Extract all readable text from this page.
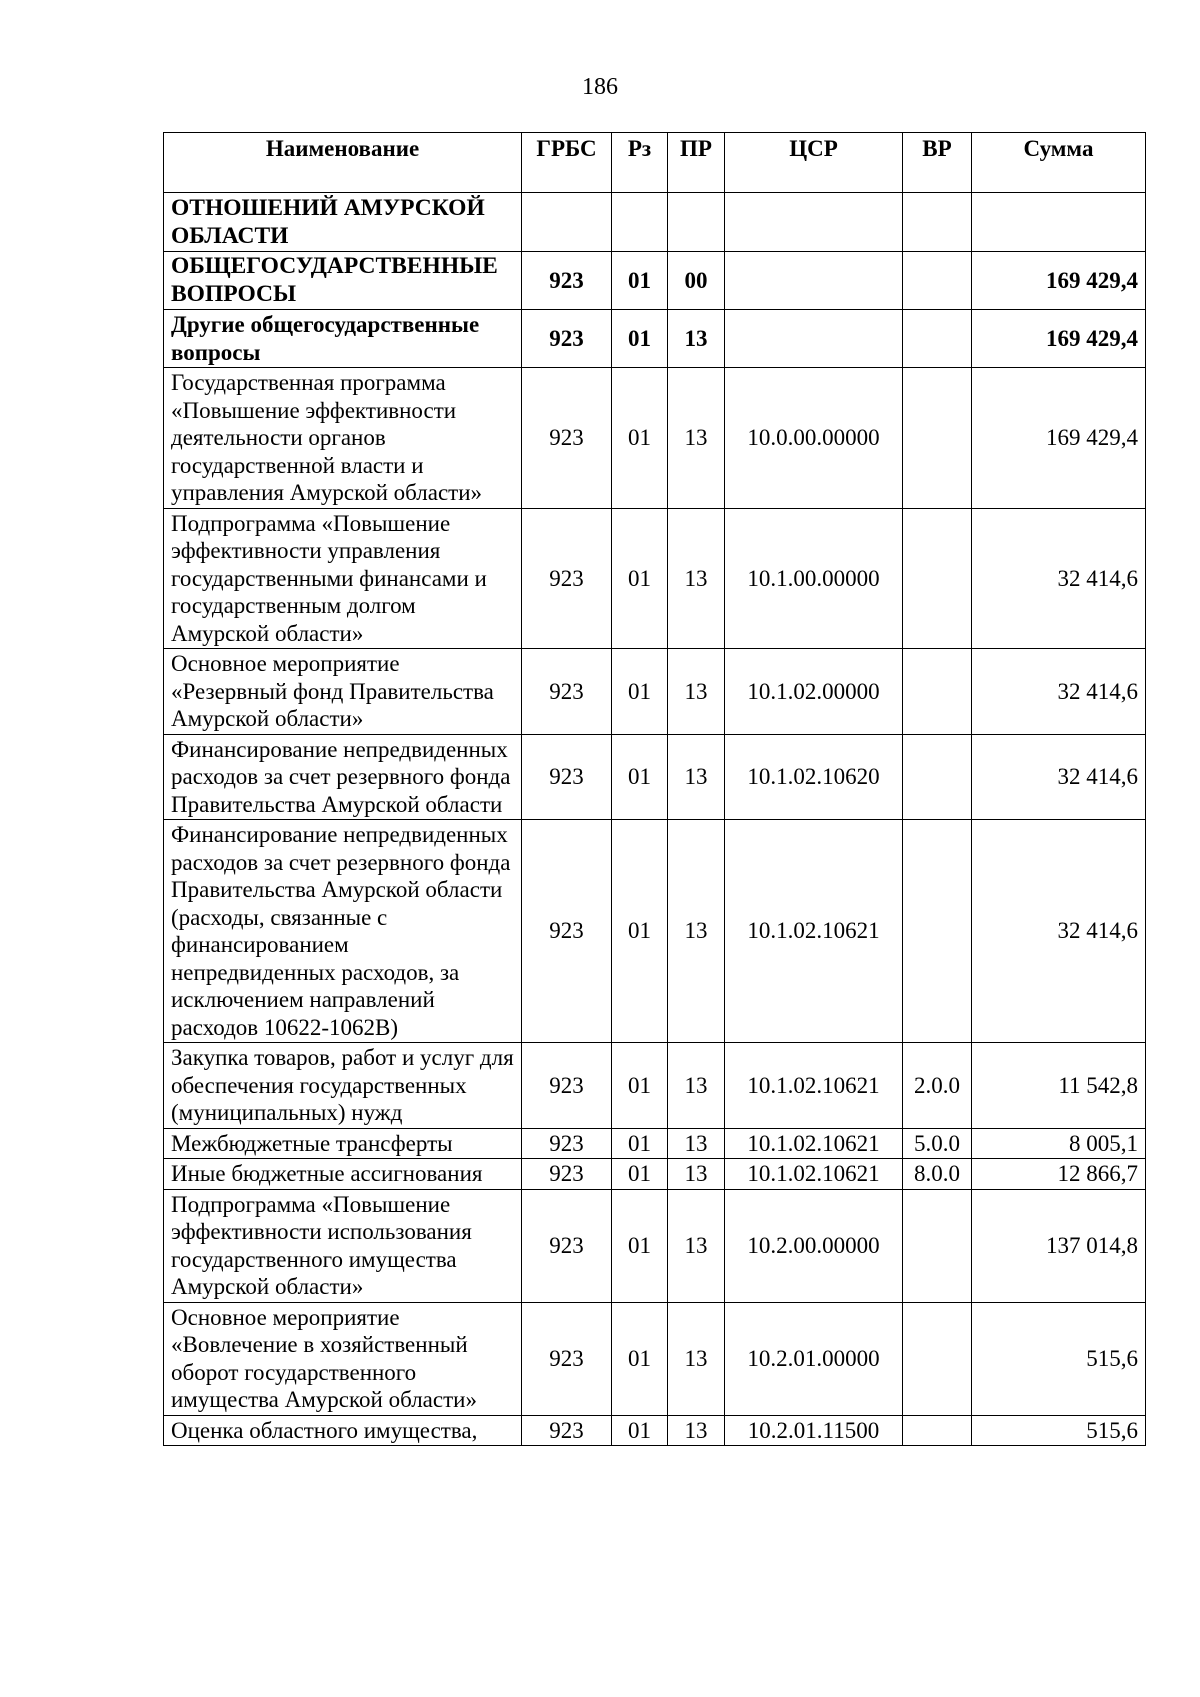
186
Наименование	ГРБС	Рз	ПР	ЦСР	ВР	Сумма
ОТНОШЕНИЙ АМУРСКОЙ ОБЛАСТИ						
ОБЩЕГОСУДАРСТВЕННЫЕ ВОПРОСЫ	923	01	00			169 429,4
Другие общегосударственные вопросы	923	01	13			169 429,4
Государственная программа «Повышение эффективности деятельности органов государственной власти и управления Амурской области»	923	01	13	10.0.00.00000		169 429,4
Подпрограмма «Повышение эффективности управления государственными финансами и государственным долгом Амурской области»	923	01	13	10.1.00.00000		32 414,6
Основное мероприятие «Резервный фонд Правительства Амурской области»	923	01	13	10.1.02.00000		32 414,6
Финансирование непредвиденных расходов за счет резервного фонда Правительства Амурской области	923	01	13	10.1.02.10620		32 414,6
Финансирование непредвиденных расходов за счет резервного фонда Правительства Амурской области (расходы, связанные с финансированием непредвиденных расходов, за исключением направлений расходов 10622-1062В)	923	01	13	10.1.02.10621		32 414,6
Закупка товаров, работ и услуг для обеспечения государственных (муниципальных) нужд	923	01	13	10.1.02.10621	2.0.0	11 542,8
Межбюджетные трансферты	923	01	13	10.1.02.10621	5.0.0	8 005,1
Иные бюджетные ассигнования	923	01	13	10.1.02.10621	8.0.0	12 866,7
Подпрограмма «Повышение эффективности использования государственного имущества Амурской области»	923	01	13	10.2.00.00000		137 014,8
Основное мероприятие «Вовлечение в хозяйственный оборот государственного имущества Амурской области»	923	01	13	10.2.01.00000		515,6
Оценка областного имущества,	923	01	13	10.2.01.11500		515,6
